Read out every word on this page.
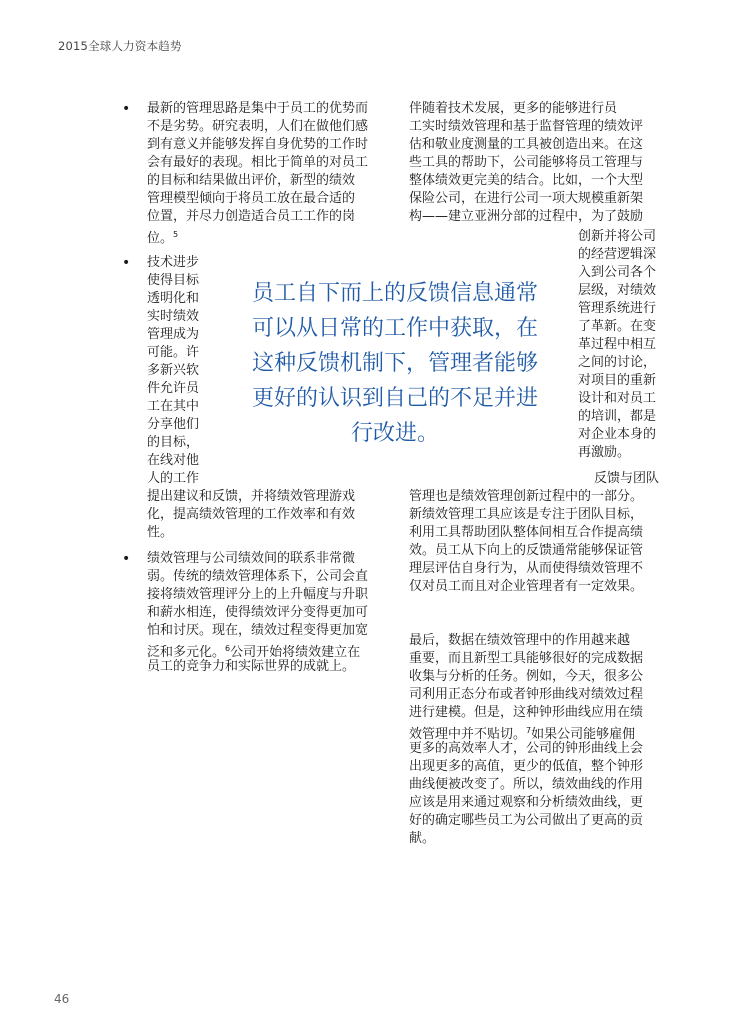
2015全球人力资本趋势
• 最新的管理思路是集中于员工的优势而
不是劣势。研究表明，人们在做他们感
到有意义并能够发挥自身优势的工作时
会有最好的表现。相比于简单的对员工
的目标和结果做出评价，新型的绩效
管理模型倾向于将员工放在最合适的
位置，并尽力创造适合员工工作的岗
位。$^5$
• 技术进步
使得目标
透明化和
实时绩效
管理成为
可能。许
多新兴软
件允许员
工在其中
分享他们
的目标，
在线对他
人的工作
提出建议和反馈，并将绩效管理游戏
化，提高绩效管理的工作效率和有效
性。
• 绩效管理与公司绩效间的联系非常微
弱。传统的绩效管理体系下，公司会直
接将绩效管理评分上的上升幅度与升职
和薪水相连，使得绩效评分变得更加可
怕和讨厌。现在，绩效过程变得更加宽
泛和多元化。$^6$公司开始将绩效建立在
员工的竞争力和实际世界的成就上。
员工自下而上的反馈信息通常
可以从日常的工作中获取，在
这种反馈机制下，管理者能够
更好的认识到自己的不足并进
行改进。
伴随着技术发展，更多的能够进行员
工实时绩效管理和基于监督管理的绩效评
估和敬业度测量的工具被创造出来。在这
些工具的帮助下，公司能够将员工管理与
整体绩效更完美的结合。比如，一个大型
保险公司，在进行公司一项大规模重新架
构——建立亚洲分部的过程中，为了鼓励
创新并将公司
的经营逻辑深
入到公司各个
层级，对绩效
管理系统进行
了革新。在变
革过程中相互
之间的讨论，
对项目的重新
设计和对员工
的培训，都是
对企业本身的
再激励。
反馈与团队
管理也是绩效管理创新过程中的一部分。
新绩效管理工具应该是专注于团队目标，
利用工具帮助团队整体间相互合作提高绩
效。员工从下向上的反馈通常能够保证管
理层评估自身行为，从而使得绩效管理不
仅对员工而且对企业管理者有一定效果。
最后，数据在绩效管理中的作用越来越
重要，而且新型工具能够很好的完成数据
收集与分析的任务。例如，今天，很多公
司利用正态分布或者钟形曲线对绩效过程
进行建模。但是，这种钟形曲线应用在绩
效管理中并不贴切。$^7$如果公司能够雇佣
更多的高效率人才，公司的钟形曲线上会
出现更多的高值，更少的低值，整个钟形
曲线便被改变了。所以，绩效曲线的作用
应该是用来通过观察和分析绩效曲线，更
好的确定哪些员工为公司做出了更高的贡
献。
46
